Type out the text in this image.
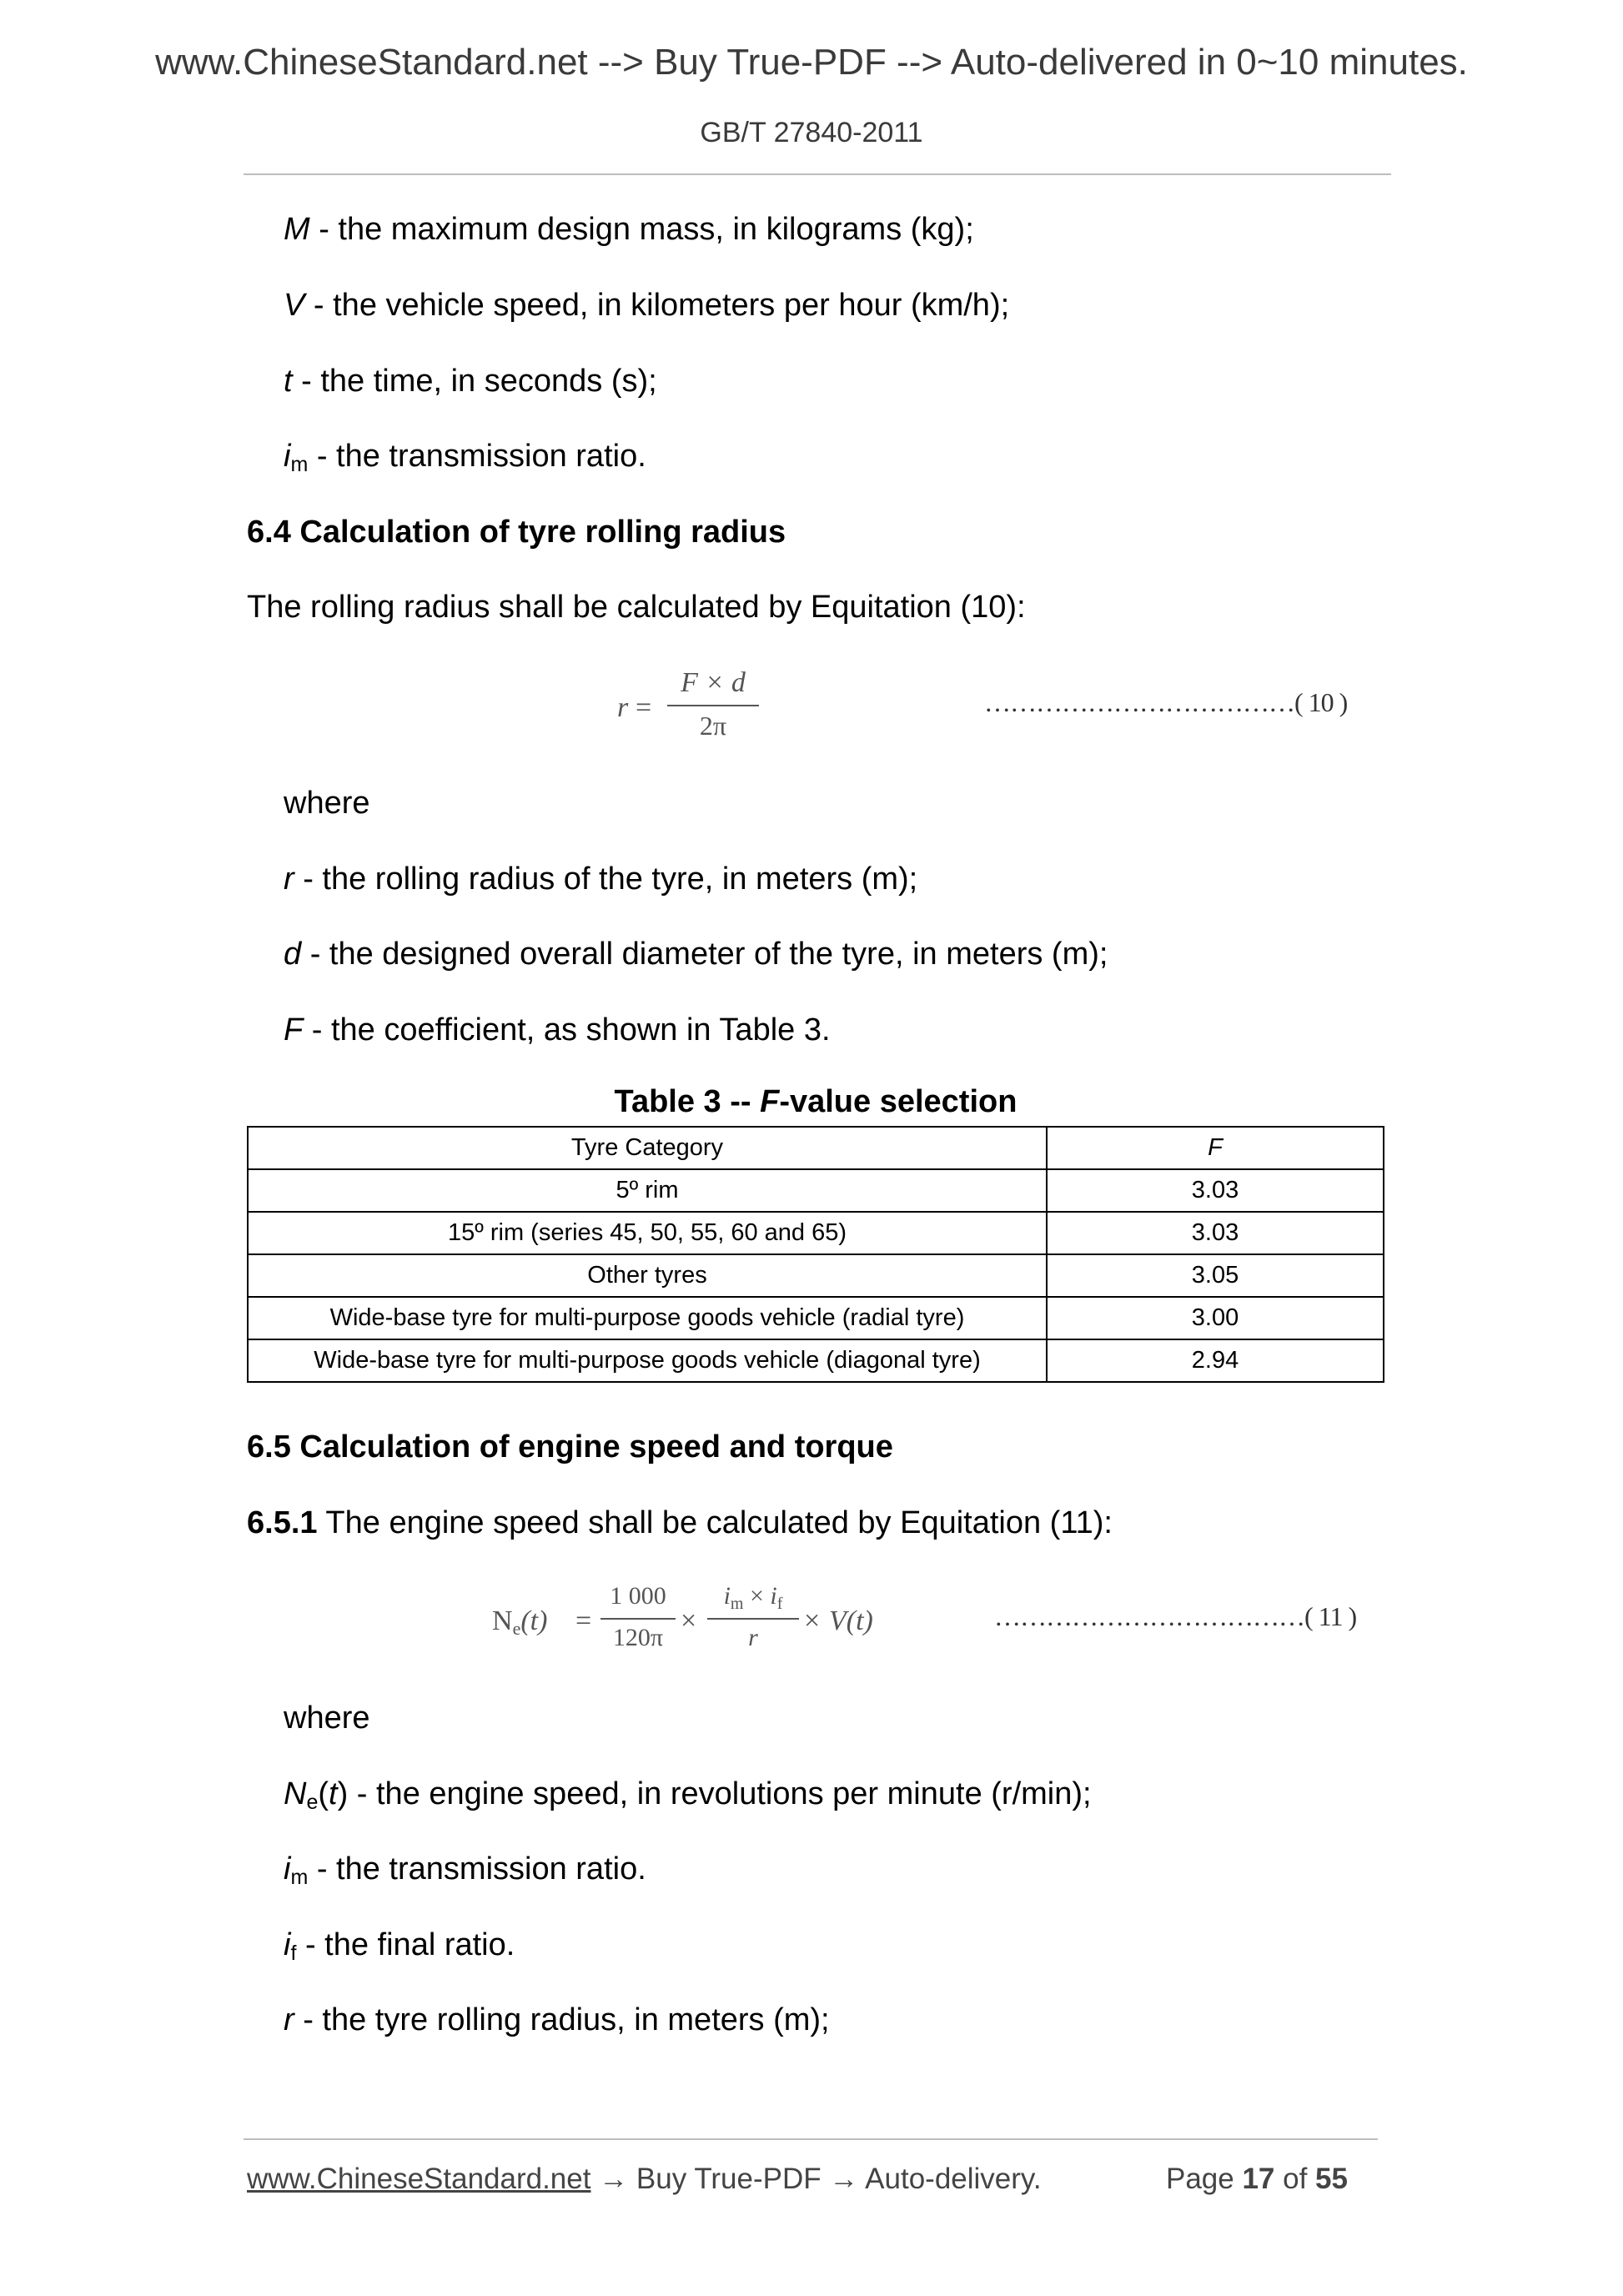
www.ChineseStandard.net --> Buy True-PDF --> Auto-delivered in 0~10 minutes.
GB/T 27840-2011
M - the maximum design mass, in kilograms (kg);
V - the vehicle speed, in kilometers per hour (km/h);
t - the time, in seconds (s);
im - the transmission ratio.
6.4 Calculation of tyre rolling radius
The rolling radius shall be calculated by Equitation (10):
r =
F × d
2π
………………………………( 10 )
where
r - the rolling radius of the tyre, in meters (m);
d - the designed overall diameter of the tyre, in meters (m);
F - the coefficient, as shown in Table 3.
Table 3 -- F-value selection
Tyre Category	F
5º rim	3.03
15º rim (series 45, 50, 55, 60 and 65)	3.03
Other tyres	3.05
Wide-base tyre for multi-purpose goods vehicle (radial tyre)	3.00
Wide-base tyre for multi-purpose goods vehicle (diagonal tyre)	2.94
6.5 Calculation of engine speed and torque
6.5.1 The engine speed shall be calculated by Equitation (11):
Ne(t) =
1 000
120π
×
$i_m \times i_f$
r
× V(t)	………………………………( 11 )
where
Ne(t) - the engine speed, in revolutions per minute (r/min);
im - the transmission ratio.
if - the final ratio.
r - the tyre rolling radius, in meters (m);
www.ChineseStandard.net → Buy True-PDF → Auto-delivery.	Page 17 of 55
